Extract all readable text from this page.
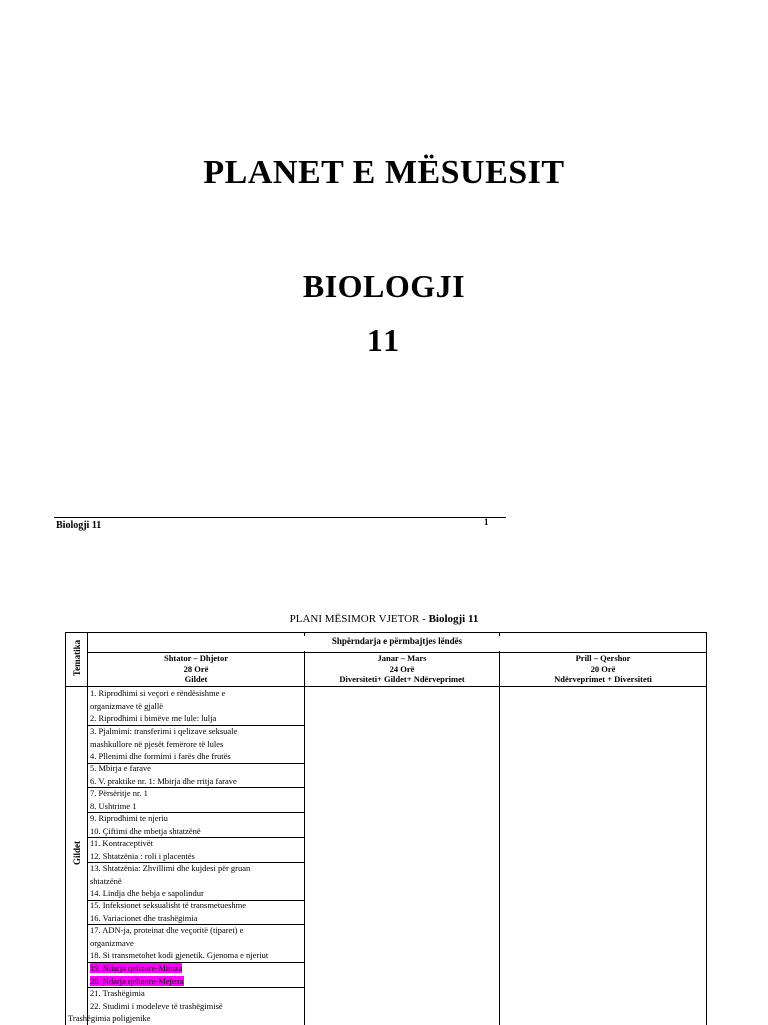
PLANET E MËSUESIT
BIOLOGJI
11
Biologji 11	1
PLANI MËSIMOR VJETOR - Biologji 11
Shpërndarja e përmbajtjes lëndës
Tematika
Gildet
Shtator – Dhjetor
28 Orë
Gildet
Janar – Mars
24 Orë
Diversiteti+ Gildet+ Ndërveprimet
Prill – Qershor
20 Orë
Ndërveprimet + Diversiteti
1. Riprodhimi si veçori e rëndësishme e
organizmave të gjallë
2. Riprodhimi i bimëve me lule: lulja
3. Pjalmimi: transferimi i qelizave seksuale
mashkullore në pjesët femërore të lules
4. Pllenimi dhe formimi i farës dhe frutës
5. Mbirja e farave
6. V. praktike nr. 1: Mbirja dhe rritja farave
7. Përsëritje nr. 1
8. Ushtrime 1
9. Riprodhimi te njeriu
10. Çiftimi dhe mbetja shtatzënë
11. Kontraceptivët
12. Shtatzënia : roli i placentës
13. Shtatzënia: Zhvillimi dhe kujdesi për gruan
shtatzënë
14. Lindja dhe bebja e sapolindur
15. Infeksionet seksualisht të transmetueshme
16. Variacionet dhe trashëgimia
17. ADN-ja, proteinat dhe veçoritë (tiparet) e
organizmave
18. Si transmetohet kodi gjenetik. Gjenoma e njeriut
19. Ndarja qelizore-Mitoza
20. Ndarja qelizore-Mejoza
21. Trashëgimia
22. Studimi i modeleve të trashëgimisë
Trashëgimia poligjenike
